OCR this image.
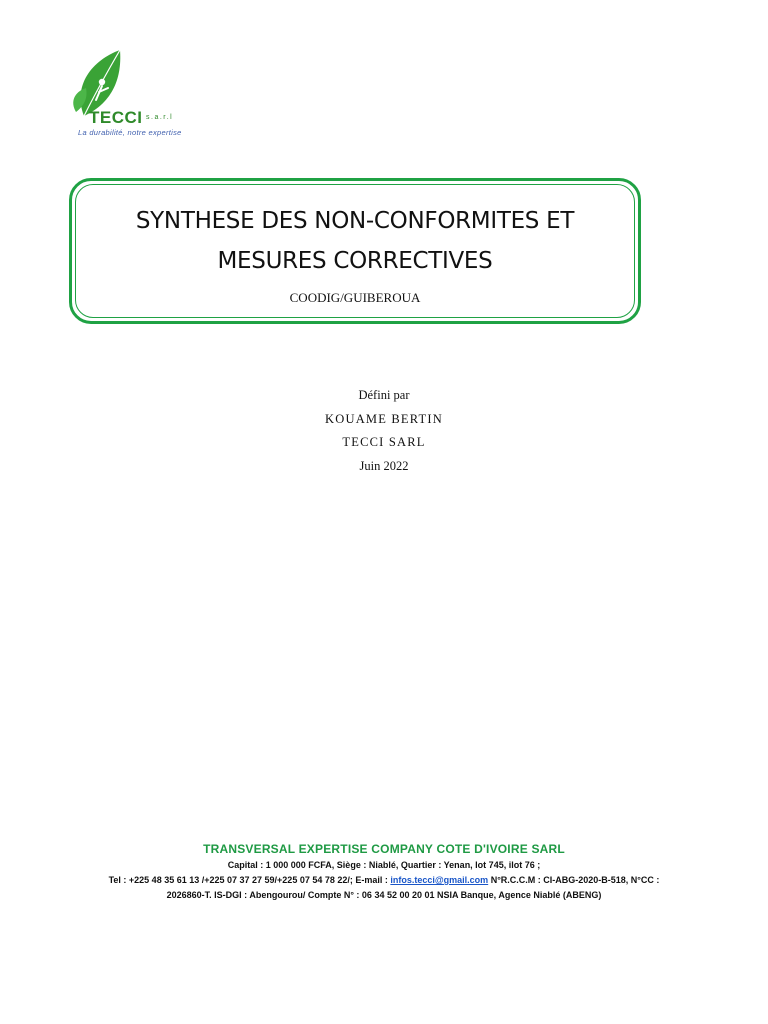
TECCI s.a.r.l
La durabilité, notre expertise
SYNTHESE DES NON-CONFORMITES ET
MESURES CORRECTIVES
COODIG/GUIBEROUA
Défini par
KOUAME BERTIN
TECCI SARL
Juin 2022
TRANSVERSAL EXPERTISE COMPANY COTE D'IVOIRE SARL
Capital : 1 000 000 FCFA, Siège : Niablé, Quartier : Yenan, lot 745, ilot 76 ;
Tel : +225 48 35 61 13 /+225 07 37 27 59/+225 07 54 78 22/; E-mail : infos.tecci@gmail.com N°R.C.C.M : CI-ABG-2020-B-518, N°CC :
2026860-T. IS-DGI : Abengourou/ Compte N° : 06 34 52 00 20 01 NSIA Banque, Agence Niablé (ABENG)
